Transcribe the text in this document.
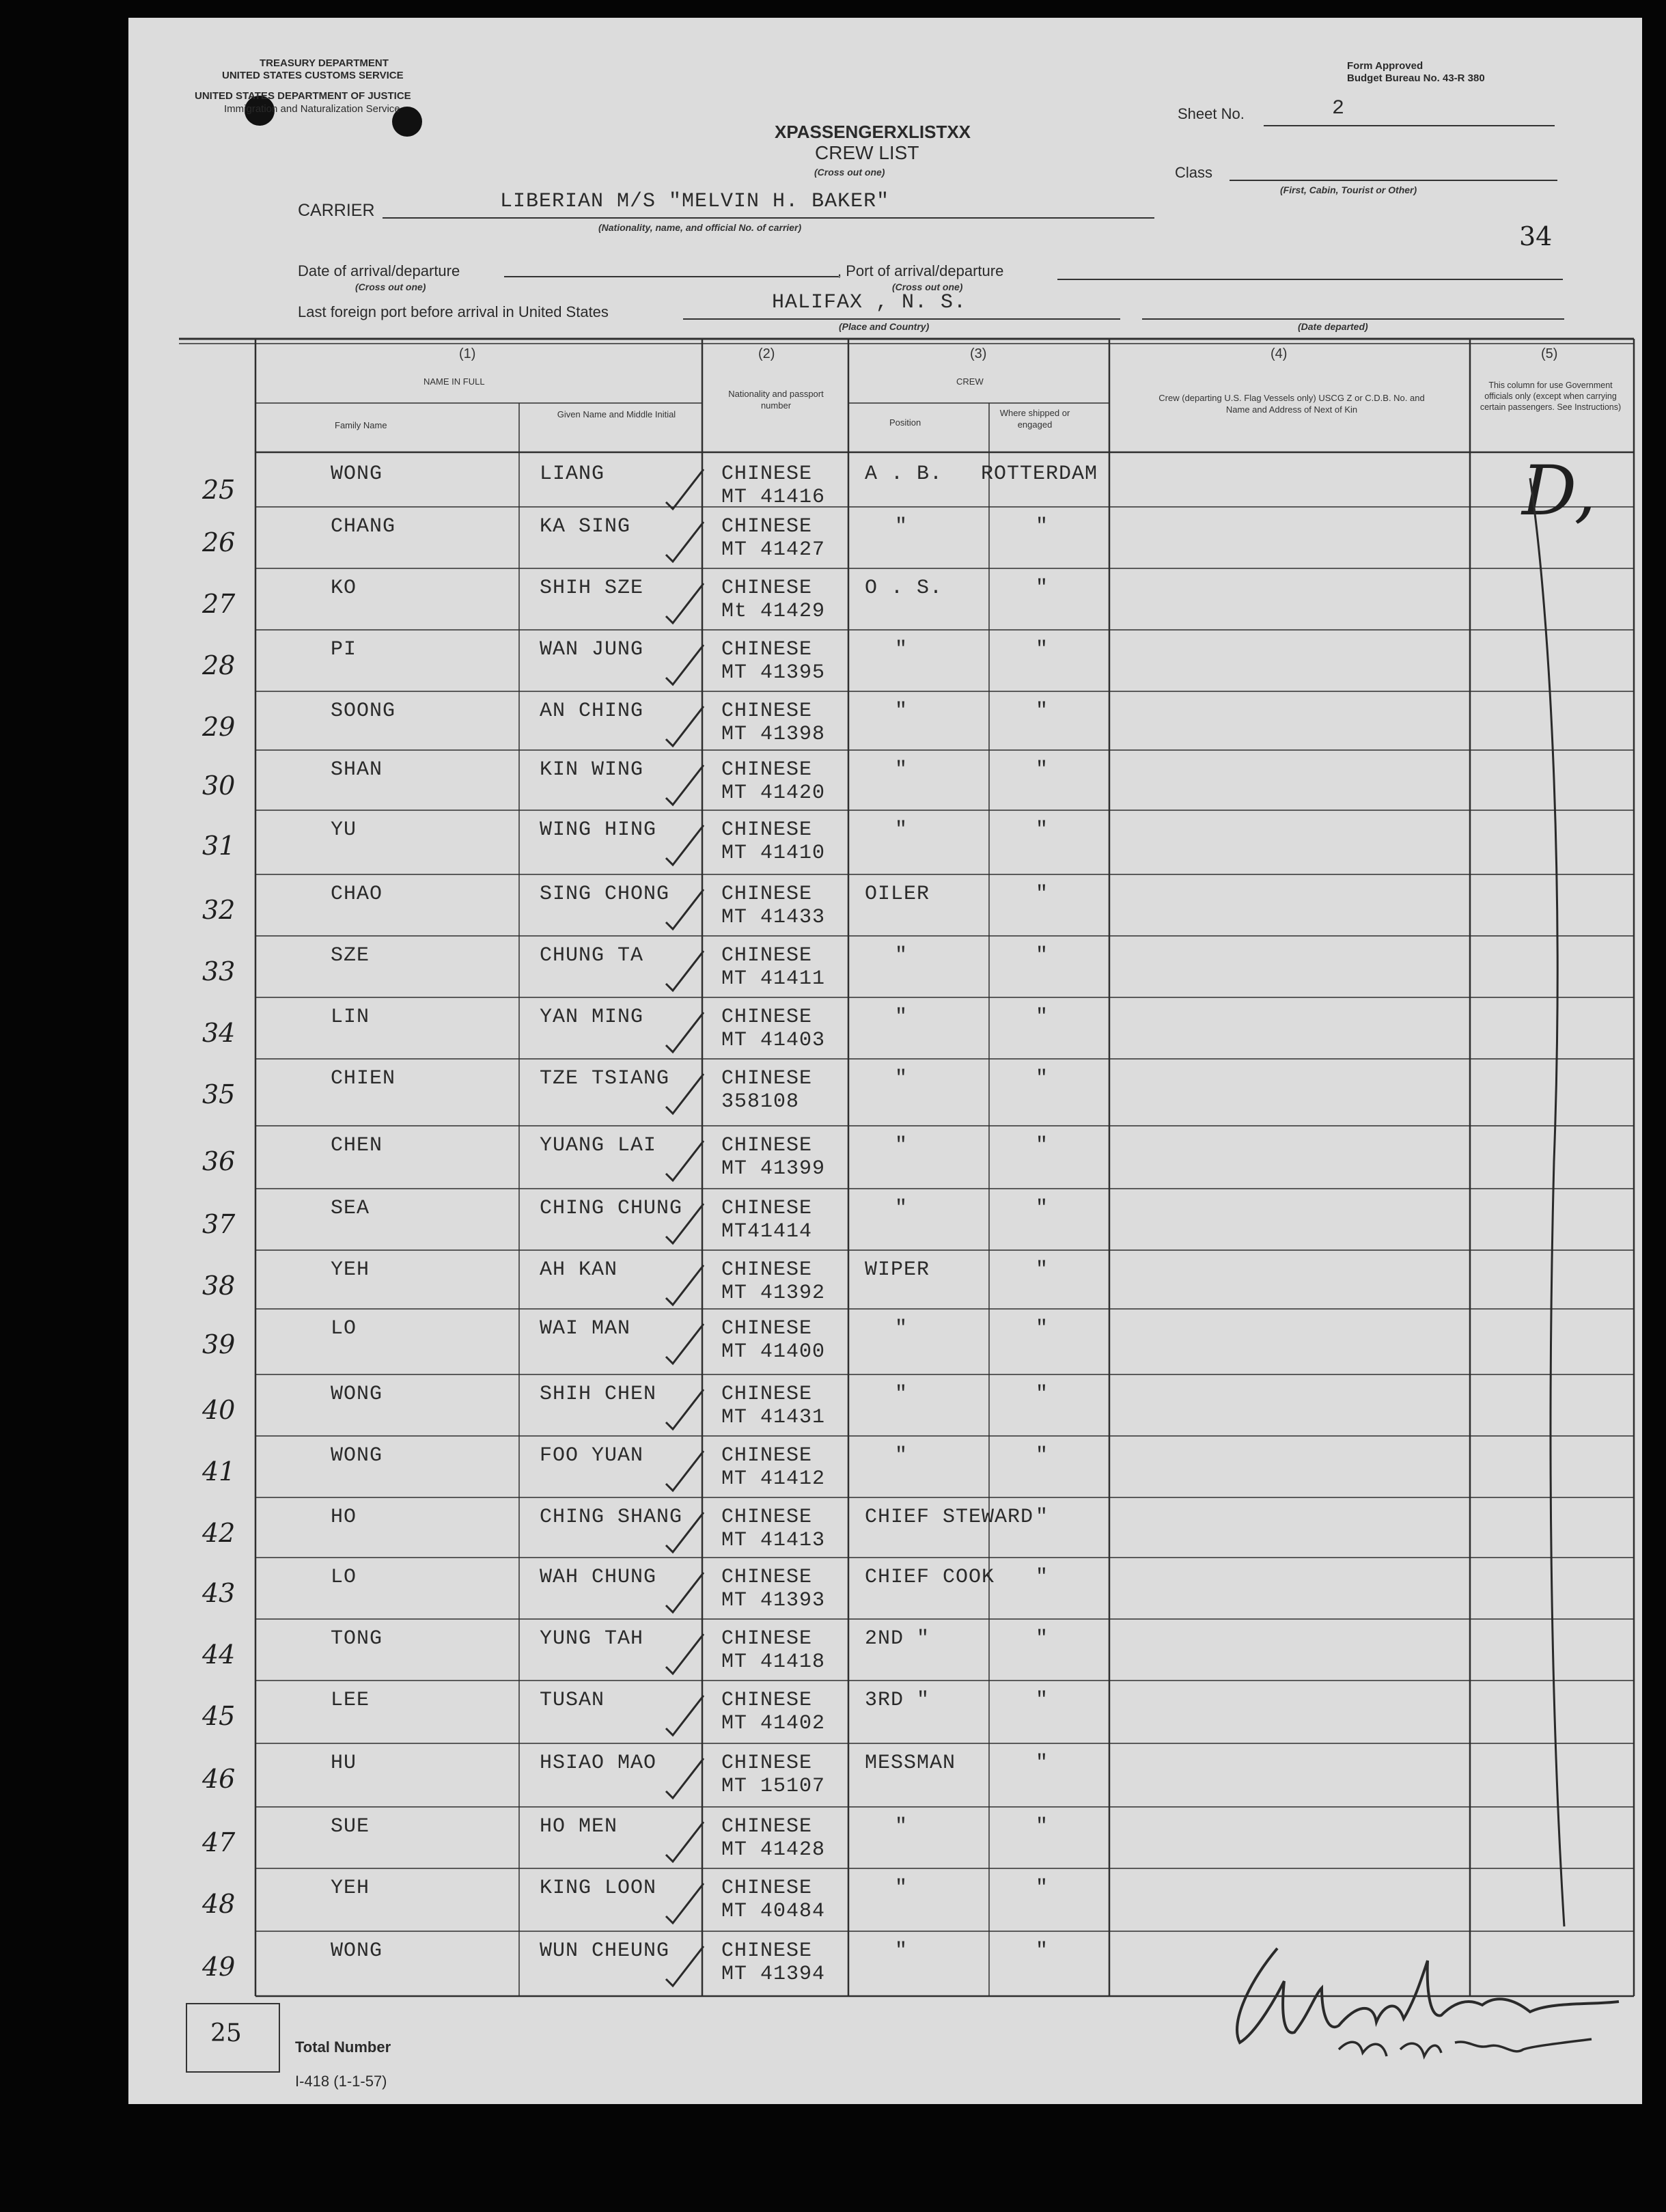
TREASURY DEPARTMENT
UNITED STATES CUSTOMS SERVICE
UNITED STATES DEPARTMENT OF JUSTICE
Immigration and Naturalization Service
Form Approved
Budget Bureau No. 43-R 380
XPASSENGERXLISTXX
CREW LIST
(Cross out one)
Sheet No.	2
Class
(First, Cabin, Tourist or Other)
34
CARRIER	LIBERIAN M/S "MELVIN H. BAKER"
(Nationality, name, and official No. of carrier)
Date of arrival/departure
(Cross out one)
, Port of arrival/departure
(Cross out one)
Last foreign port before arrival in United States	HALIFAX , N. S.
(Place and Country)	(Date departed)
(1)
NAME IN FULL
Family Name
Given Name and Middle Initial
(2)
Nationality and passport number
(3)
CREW
Position
Where shipped or engaged
(4)
Crew (departing U.S. Flag Vessels only) USCG Z or C.D.B. No. and Name and Address of Next of Kin
(5)
This column for use Government officials only (except when carrying certain passengers. See Instructions)
25
WONG	LIANG	CHINESE
MT 41416
A . B. ROTTERDAM
26
CHANG	KA SING	CHINESE
MT 41427
"	"
27
KO	SHIH SZE	CHINESE
Mt 41429
O . S.	"
28
PI	WAN JUNG	CHINESE
MT 41395
"	"
29
SOONG	AN CHING	CHINESE
MT 41398
"	"
30
SHAN	KIN WING	CHINESE
MT 41420
"	"
31
YU	WING HING	CHINESE
MT 41410
"	"
32
CHAO	SING CHONG	CHINESE
MT 41433
OILER	"
33
SZE	CHUNG TA	CHINESE
MT 41411
"	"
34
LIN	YAN MING	CHINESE
MT 41403
"	"
35
CHIEN	TZE TSIANG	CHINESE
358108
"	"
36
CHEN	YUANG LAI	CHINESE
MT 41399
"	"
37
SEA	CHING CHUNG CHINESE
MT41414
"	"
38
YEH	AH KAN	CHINESE
MT 41392
WIPER	"
39
LO	WAI MAN	CHINESE
MT 41400
"	"
40
WONG	SHIH CHEN	CHINESE
MT 41431
"	"
41
WONG	FOO YUAN	CHINESE
MT 41412
"	"
42
HO	CHING SHANG CHINESE
MT 41413
CHIEF STEWARD "
43
LO	WAH CHUNG	CHINESE
MT 41393
CHIEF COOK "
44
TONG	YUNG TAH	CHINESE
MT 41418
2ND "	"
45
LEE	TUSAN	CHINESE
MT 41402
3RD "	"
46
HU	HSIAO MAO	CHINESE
MT 15107
MESSMAN	"
47
SUE	HO MEN	CHINESE
MT 41428
"	"
48
YEH	KING LOON	CHINESE
MT 40484
"	"
49
WONG	WUN CHEUNG	CHINESE
MT 41394
"	"
D,
25	Total Number
I-418 (1-1-57)
